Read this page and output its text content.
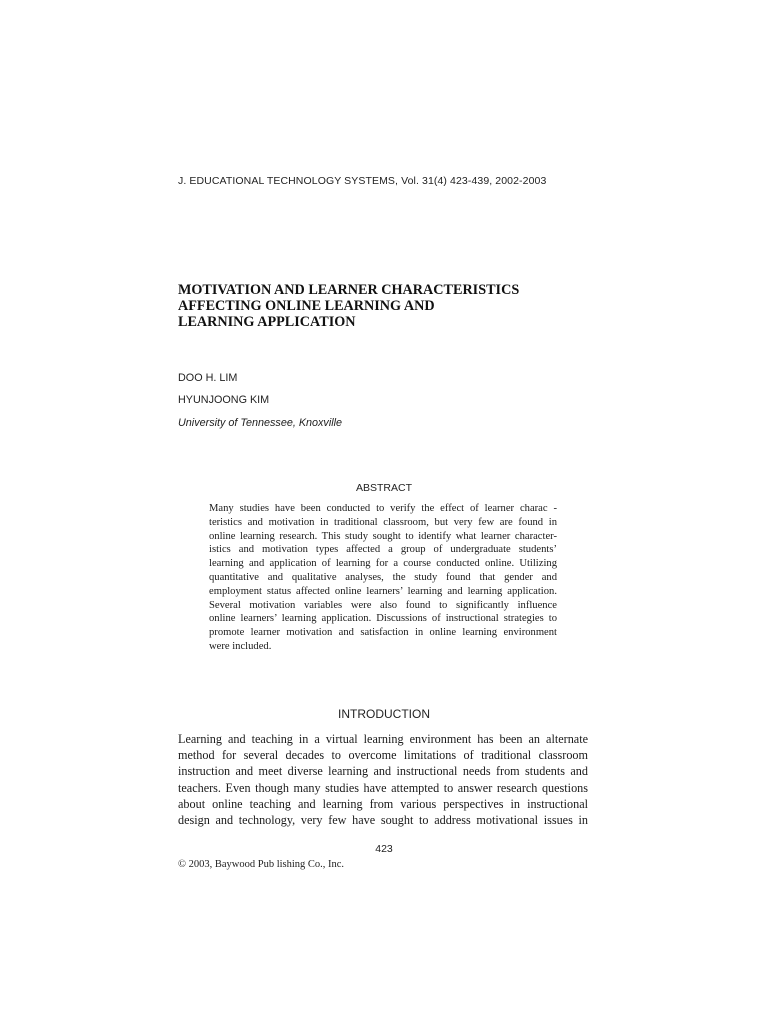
J. EDUCATIONAL TECHNOLOGY SYSTEMS, Vol. 31(4) 423-439, 2002-2003
MOTIVATION AND LEARNER CHARACTERISTICS
AFFECTING ONLINE LEARNING AND
LEARNING APPLICATION
DOO H. LIM
HYUNJOONG KIM
University of Tennessee, Knoxville
ABSTRACT
Many studies have been conducted to verify the effect of learner charac -
teristics and motivation in traditional classroom, but very few are found in
online learning research. This study sought to identify what learner character-
istics and motivation types affected a group of undergraduate students’
learning and application of learning for a course conducted online. Utilizing
quantitative and qualitative analyses, the study found that gender and
employment status affected online learners’ learning and learning application.
Several motivation variables were also found to significantly influence
online learners’ learning application. Discussions of instructional strategies to
promote learner motivation and satisfaction in online learning environment
were included.
INTRODUCTION
Learning and teaching in a virtual learning environment has been an alternate
method for several decades to overcome limitations of traditional classroom
instruction and meet diverse learning and instructional needs from students and
teachers. Even though many studies have attempted to answer research questions
about online teaching and learning from various perspectives in instructional
design and technology, very few have sought to address motivational issues in
423
© 2003, Baywood Pub lishing Co., Inc.
